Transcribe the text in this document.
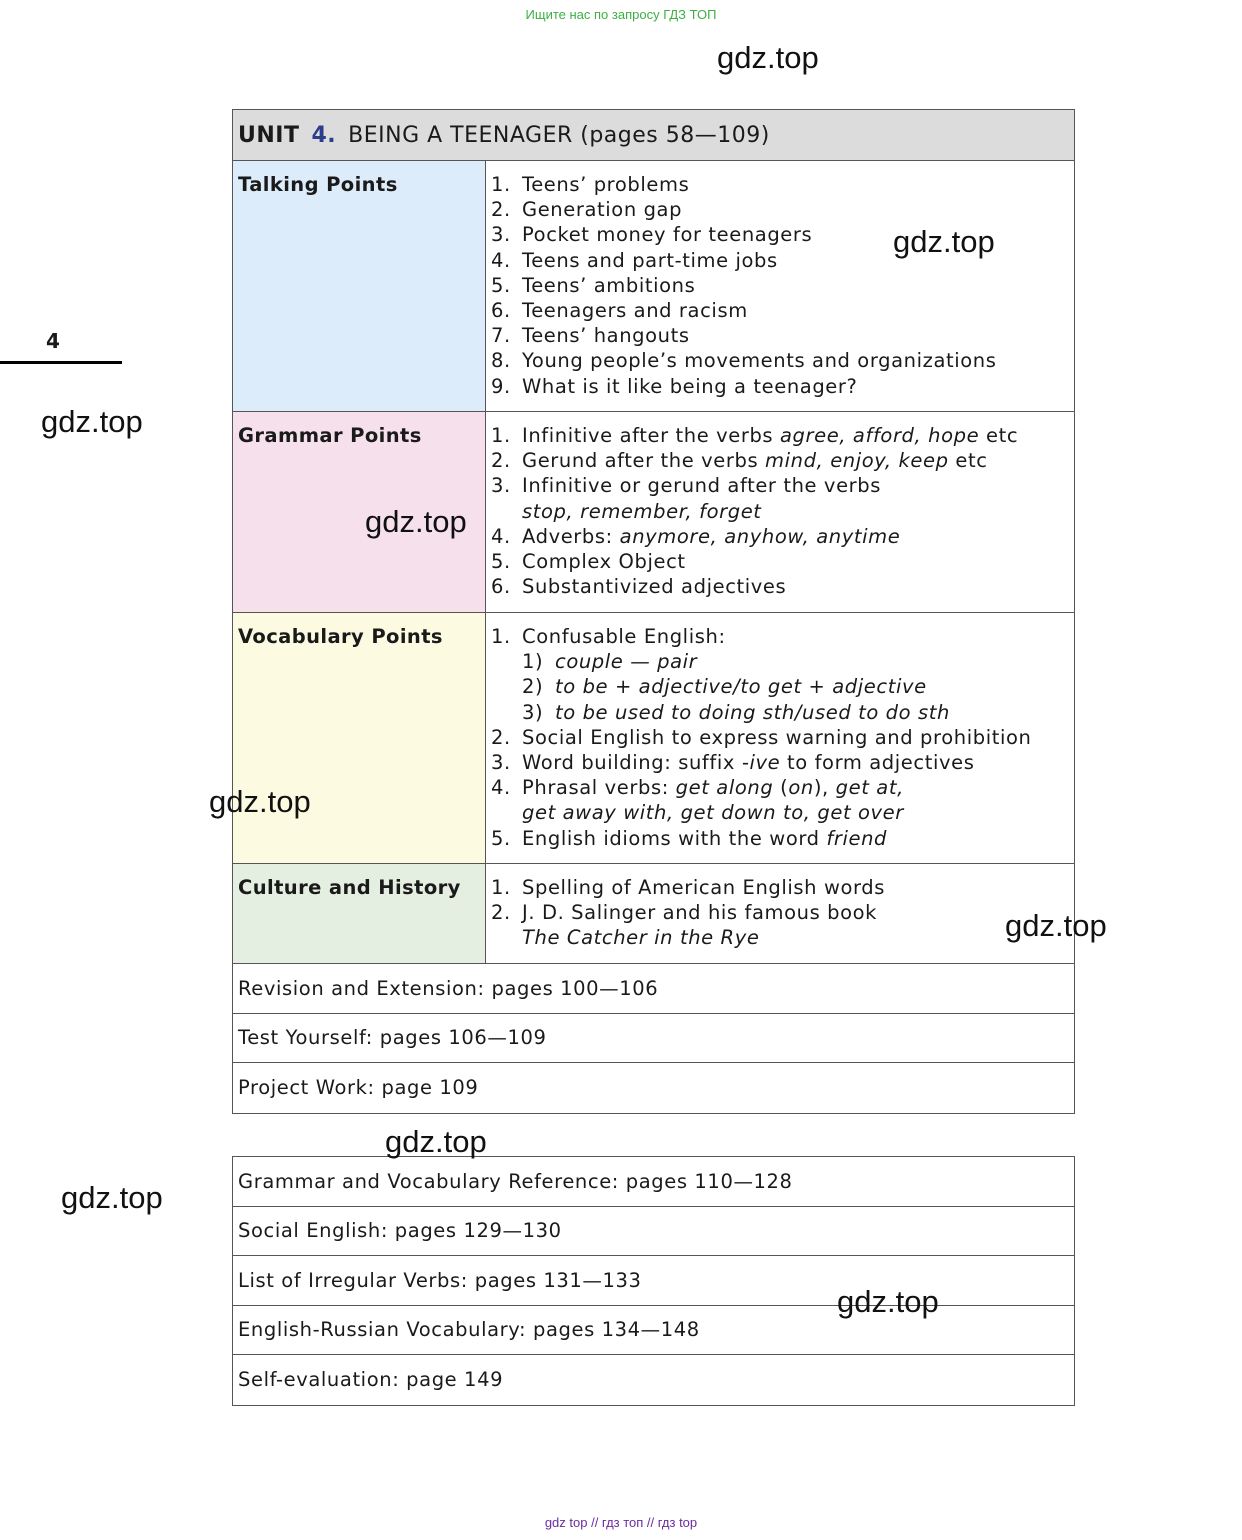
Ищите нас по запросу ГДЗ ТОП
4
UNIT 4. BEING A TEENAGER (pages 58—109)
Talking Points	1. Teens’ problems
2. Generation gap
3. Pocket money for teenagers
4. Teens and part-time jobs
5. Teens’ ambitions
6. Teenagers and racism
7. Teens’ hangouts
8. Young people’s movements and organizations
9. What is it like being a teenager?
Grammar Points	1. Infinitive after the verbs agree, afford, hope etc
2. Gerund after the verbs mind, enjoy, keep etc
3. Infinitive or gerund after the verbs
stop, remember, forget
4. Adverbs: anymore, anyhow, anytime
5. Complex Object
6. Substantivized adjectives
Vocabulary Points	1. Confusable English:
1) couple — pair
2) to be + adjective/to get + adjective
3) to be used to doing sth/used to do sth
2. Social English to express warning and prohibition
3. Word building: suffix -ive to form adjectives
4. Phrasal verbs: get along (on), get at,
get away with, get down to, get over
5. English idioms with the word friend
Culture and History	1. Spelling of American English words
2. J. D. Salinger and his famous book
The Catcher in the Rye
Revision and Extension: pages 100—106
Test Yourself: pages 106—109
Project Work: page 109
Grammar and Vocabulary Reference: pages 110—128
Social English: pages 129—130
List of Irregular Verbs: pages 131—133
English-Russian Vocabulary: pages 134—148
Self-evaluation: page 149
gdz.top
gdz.top
gdz.top
gdz.top
gdz.top
gdz.top
gdz.top
gdz.top
gdz.top
gdz top // гдз топ // гдз top
